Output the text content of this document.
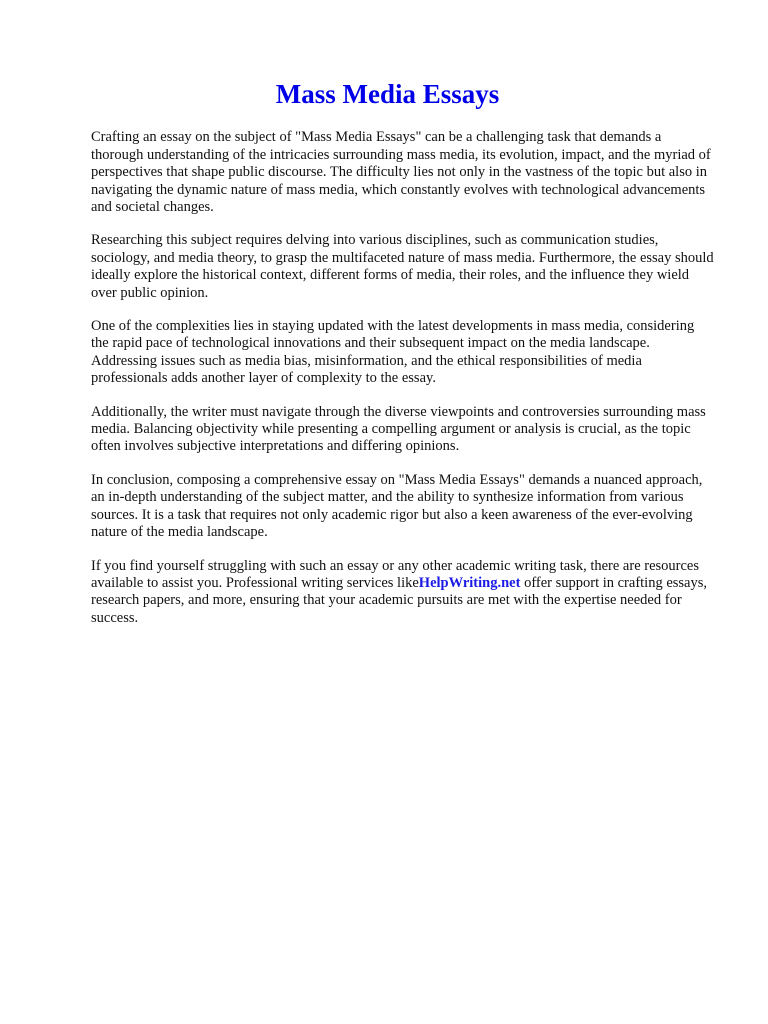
Mass Media Essays

Crafting an essay on the subject of "Mass Media Essays" can be a challenging task that demands a thorough understanding of the intricacies surrounding mass media, its evolution, impact, and the myriad of perspectives that shape public discourse. The difficulty lies not only in the vastness of the topic but also in navigating the dynamic nature of mass media, which constantly evolves with technological advancements and societal changes.

Researching this subject requires delving into various disciplines, such as communication studies, sociology, and media theory, to grasp the multifaceted nature of mass media. Furthermore, the essay should ideally explore the historical context, different forms of media, their roles, and the influence they wield over public opinion.

One of the complexities lies in staying updated with the latest developments in mass media, considering the rapid pace of technological innovations and their subsequent impact on the media landscape. Addressing issues such as media bias, misinformation, and the ethical responsibilities of media professionals adds another layer of complexity to the essay.

Additionally, the writer must navigate through the diverse viewpoints and controversies surrounding mass media. Balancing objectivity while presenting a compelling argument or analysis is crucial, as the topic often involves subjective interpretations and differing opinions.

In conclusion, composing a comprehensive essay on "Mass Media Essays" demands a nuanced approach, an in-depth understanding of the subject matter, and the ability to synthesize information from various sources. It is a task that requires not only academic rigor but also a keen awareness of the ever-evolving nature of the media landscape.

If you find yourself struggling with such an essay or any other academic writing task, there are resources available to assist you. Professional writing services likeHelpWriting.net offer support in crafting essays, research papers, and more, ensuring that your academic pursuits are met with the expertise needed for success.
